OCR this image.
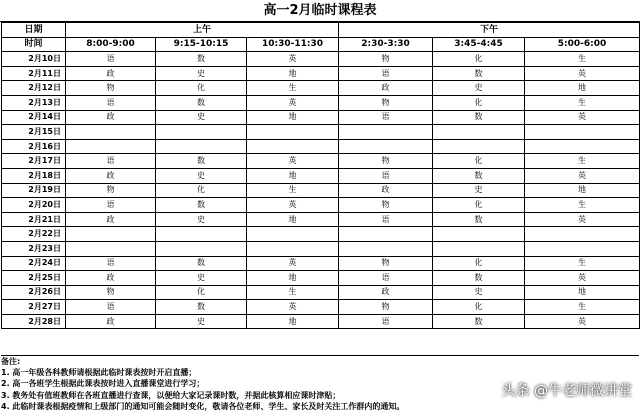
高一2月临时课程表
日期	上午			下午		
时间	8:00-9:00	9:15-10:15	10:30-11:30	2:30-3:30	3:45-4:45	5:00-6:00
2月10日	语	数	英	物	化	生
2月11日	政	史	地	语	数	英
2月12日	物	化	生	政	史	地
2月13日	语	数	英	物	化	生
2月14日	政	史	地	语	数	英
2月15日						
2月16日						
2月17日	语	数	英	物	化	生
2月18日	政	史	地	语	数	英
2月19日	物	化	生	政	史	地
2月20日	语	数	英	物	化	生
2月21日	政	史	地	语	数	英
2月22日						
2月23日						
2月24日	语	数	英	物	化	生
2月25日	政	史	地	语	数	英
2月26日	物	化	生	政	史	地
2月27日	语	数	英	物	化	生
2月28日	政	史	地	语	数	英
备注:
1. 高一年级各科教师请根据此临时课表按时开启直播；
2. 高一各班学生根据此课表按时进入直播课堂进行学习；
3. 教务处有值班教师在各班直播进行查课，以便给大家记录课时数，并据此核算相应课时津贴；
4. 此临时课表根据疫情和上级部门的通知可能会随时变化，敬请各位老师、学生、家长及时关注工作群内的通知。
头条 @牛老师微讲堂
